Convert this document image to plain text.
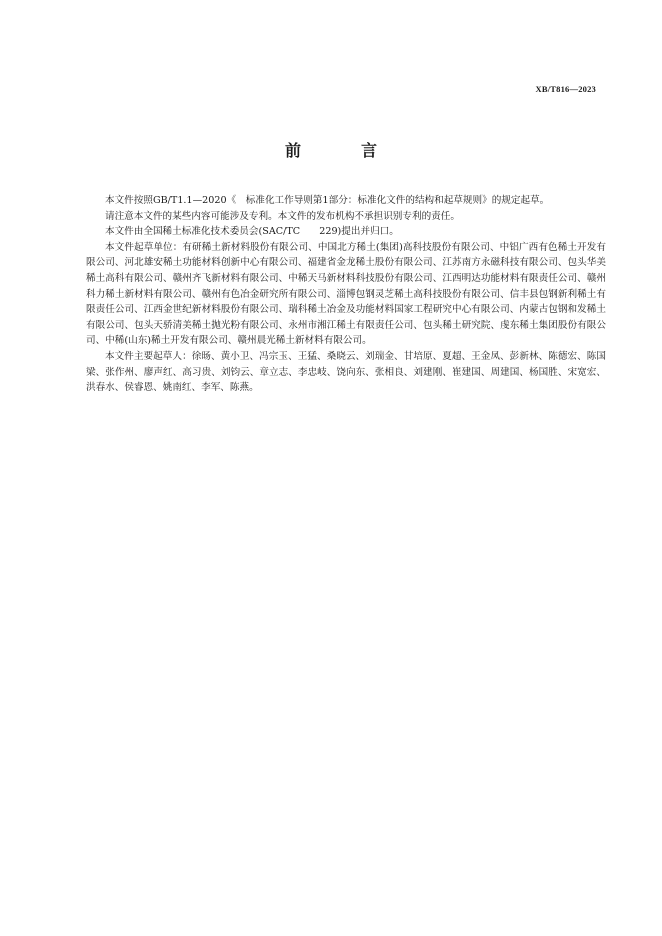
XB/T816—2023
前　言

本文件按照GB/T1.1—2020《　标准化工作导则第1部分：标准化文件的结构和起草规则》的规定起草。

请注意本文件的某些内容可能涉及专利。本文件的发布机构不承担识别专利的责任。

本文件由全国稀土标准化技术委员会(SAC/TC　　229)提出并归口。

本文件起草单位：有研稀土新材料股份有限公司、中国北方稀土(集团)高科技股份有限公司、中铝广西有色稀土开发有限公司、河北雄安稀土功能材料创新中心有限公司、福建省金龙稀土股份有限公司、江苏南方永磁科技有限公司、包头华美稀土高科有限公司、赣州齐飞新材料有限公司、中稀天马新材料科技股份有限公司、江西明达功能材料有限责任公司、赣州科力稀土新材料有限公司、赣州有色冶金研究所有限公司、淄博包钢灵芝稀土高科技股份有限公司、信丰县包钢新利稀土有限责任公司、江西金世纪新材料股份有限公司、瑞科稀土冶金及功能材料国家工程研究中心有限公司、内蒙古包钢和发稀土有限公司、包头天骄清美稀土抛光粉有限公司、永州市湘江稀土有限责任公司、包头稀土研究院、虔东稀土集团股份有限公司、中稀(山东)稀土开发有限公司、赣州晨光稀土新材料有限公司。

本文件主要起草人：徐旸、黄小卫、冯宗玉、王猛、桑晓云、刘瑞金、甘培原、夏超、王金凤、彭新林、陈德宏、陈国梁、张作州、廖声红、高习贵、刘钧云、章立志、李忠岐、饶向东、张相良、刘建刚、崔建国、周建国、杨国胜、宋宽宏、洪春水、侯睿恩、姚南红、李军、陈燕。
